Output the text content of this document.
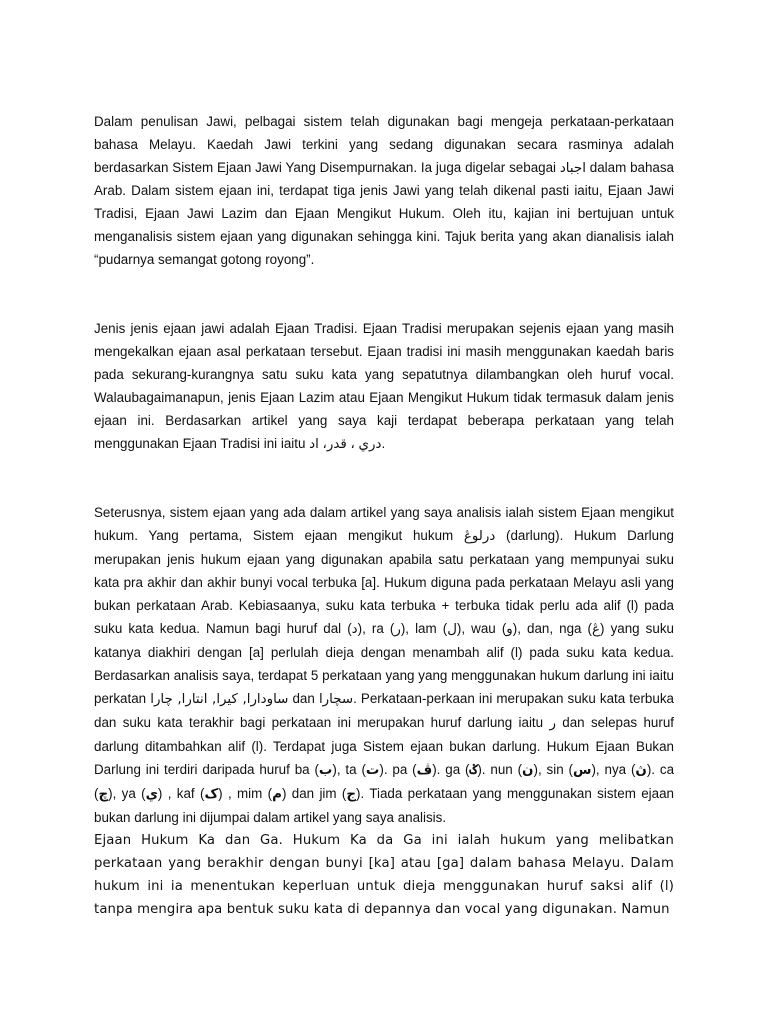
Dalam penulisan Jawi, pelbagai sistem telah digunakan bagi mengeja perkataan-perkataan bahasa Melayu. Kaedah Jawi terkini yang sedang digunakan secara rasminya adalah berdasarkan Sistem Ejaan Jawi Yang Disempurnakan. Ia juga digelar sebagai اجباد dalam bahasa Arab. Dalam sistem ejaan ini, terdapat tiga jenis Jawi yang telah dikenal pasti iaitu, Ejaan Jawi Tradisi, Ejaan Jawi Lazim dan Ejaan Mengikut Hukum. Oleh itu, kajian ini bertujuan untuk menganalisis sistem ejaan yang digunakan sehingga kini. Tajuk berita yang akan dianalisis ialah “pudarnya semangat gotong royong”.

Jenis jenis ejaan jawi adalah Ejaan Tradisi. Ejaan Tradisi merupakan sejenis ejaan yang masih mengekalkan ejaan asal perkataan tersebut. Ejaan tradisi ini masih menggunakan kaedah baris pada sekurang-kurangnya satu suku kata yang sepatutnya dilambangkan oleh huruf vocal. Walaubagaimanapun, jenis Ejaan Lazim atau Ejaan Mengikut Hukum tidak termasuk dalam jenis ejaan ini. Berdasarkan artikel yang saya kaji terdapat beberapa perkataan yang telah menggunakan Ejaan Tradisi ini iaitu دري ، قدر، اد.

Seterusnya, sistem ejaan yang ada dalam artikel yang saya analisis ialah sistem Ejaan mengikut hukum. Yang pertama, Sistem ejaan mengikut hukum درلوڠ (darlung). Hukum Darlung merupakan jenis hukum ejaan yang digunakan apabila satu perkataan yang mempunyai suku kata pra akhir dan akhir bunyi vocal terbuka [a]. Hukum diguna pada perkataan Melayu asli yang bukan perkataan Arab. Kebiasaanya, suku kata terbuka + terbuka tidak perlu ada alif (l) pada suku kata kedua. Namun bagi huruf dal (د), ra (ر), lam (ل), wau (و), dan, nga (ڠ) yang suku katanya diakhiri dengan [a] perlulah dieja dengan menambah alif (l) pada suku kata kedua. Berdasarkan analisis saya, terdapat 5 perkataan yang yang menggunakan hukum darlung ini iaitu perkatan ساودارا, كيرا, انتارا, چارا dan سچارا. Perkataan-perkaan ini merupakan suku kata terbuka dan suku kata terakhir bagi perkataan ini merupakan huruf darlung iaitu ر dan selepas huruf darlung ditambahkan alif (l). Terdapat juga Sistem ejaan bukan darlung. Hukum Ejaan Bukan Darlung ini terdiri daripada huruf ba (ب), ta (ت). pa (ڤ). ga (ݢ). nun (ن), sin (س), nya (ڽ). ca (چ), ya (ي) , kaf (ک) , mim (م) dan jim (ج). Tiada perkataan yang menggunakan sistem ejaan bukan darlung ini dijumpai dalam artikel yang saya analisis.

Ejaan Hukum Ka dan Ga. Hukum Ka da Ga ini ialah hukum yang melibatkan perkataan yang berakhir dengan bunyi [ka] atau [ga] dalam bahasa Melayu. Dalam hukum ini ia menentukan keperluan untuk dieja menggunakan huruf saksi alif (l) tanpa mengira apa bentuk suku kata di depannya dan vocal yang digunakan. Namun
